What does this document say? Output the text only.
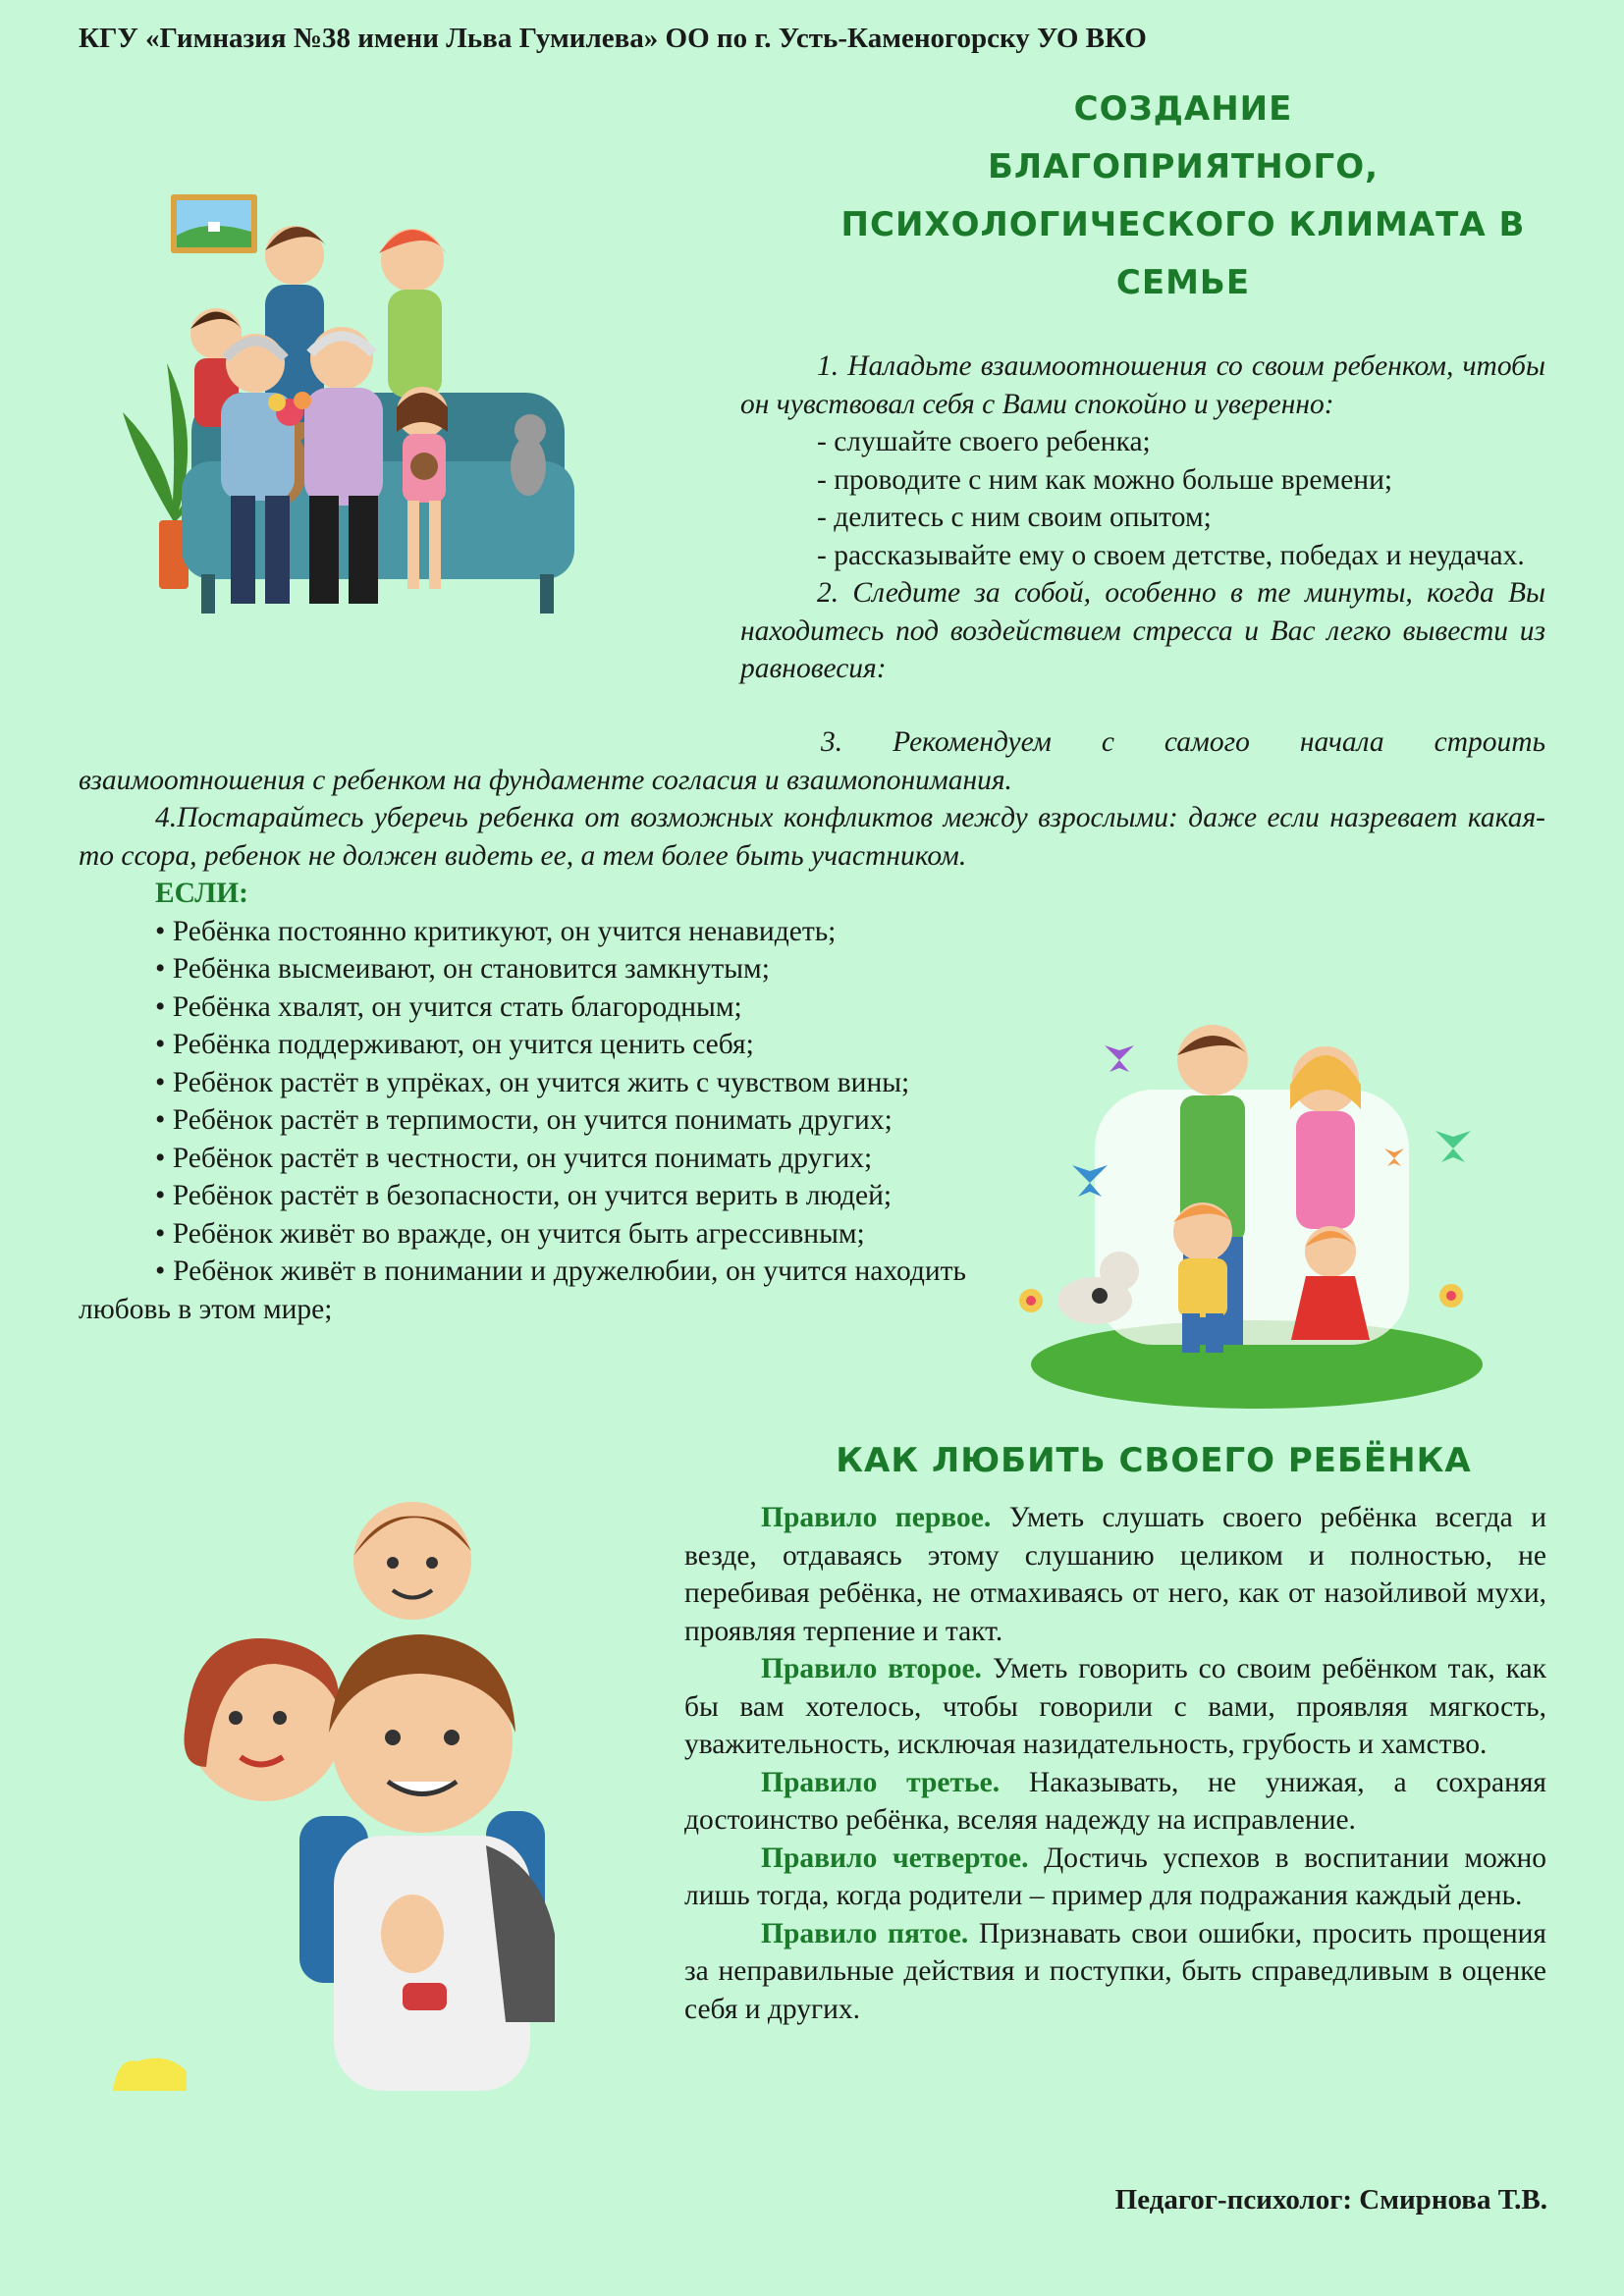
КГУ «Гимназия №38 имени Льва Гумилева» ОО по г. Усть-Каменогорску УО ВКО
СОЗДАНИЕ
БЛАГОПРИЯТНОГО,
ПСИХОЛОГИЧЕСКОГО КЛИМАТА В
СЕМЬЕ

1. Наладьте взаимоотношения со своим ребенком, чтобы он чувствовал себя с Вами спокойно и уверенно:

- слушайте своего ребенка;

- проводите с ним как можно больше времени;

- делитесь с ним своим опытом;

- рассказывайте ему о своем детстве, победах и неудачах.

2. Следите за собой, особенно в те минуты, когда Вы находитесь под воздействием стресса и Вас легко вывести из равновесия:

3. Рекомендуем с самого начала строить взаимоотношения с ребенком на фундаменте согласия и взаимопонимания.

4.Постарайтесь уберечь ребенка от возможных конфликтов между взрослыми: даже если назревает какая-то ссора, ребенок не должен видеть ее, а тем более быть участником.

ЕСЛИ:

• Ребёнка постоянно критикуют, он учится ненавидеть;

• Ребёнка высмеивают, он становится замкнутым;

• Ребёнка хвалят, он учится стать благородным;

• Ребёнка поддерживают, он учится ценить себя;

• Ребёнок растёт в упрёках, он учится жить с чувством вины;

• Ребёнок растёт в терпимости, он учится понимать других;

• Ребёнок растёт в честности, он учится понимать других;

• Ребёнок растёт в безопасности, он учится верить в людей;

• Ребёнок живёт во вражде, он учится быть агрессивным;

• Ребёнок живёт в понимании и дружелюбии, он учится находить любовь в этом мире;

КАК ЛЮБИТЬ СВОЕГО РЕБЁНКА

Правило первое. Уметь слушать своего ребёнка всегда и везде, отдаваясь этому слушанию целиком и полностью, не перебивая ребёнка, не отмахиваясь от него, как от назойливой мухи, проявляя терпение и такт.

Правило второе. Уметь говорить со своим ребёнком так, как бы вам хотелось, чтобы говорили с вами, проявляя мягкость, уважительность, исключая назидательность, грубость и хамство.

Правило третье. Наказывать, не унижая, а сохраняя достоинство ребёнка, вселяя надежду на исправление.

Правило четвертое. Достичь успехов в воспитании можно лишь тогда, когда родители – пример для подражания каждый день.

Правило пятое. Признавать свои ошибки, просить прощения за неправильные действия и поступки, быть справедливым в оценке себя и других.

Педагог-психолог: Смирнова Т.В.
